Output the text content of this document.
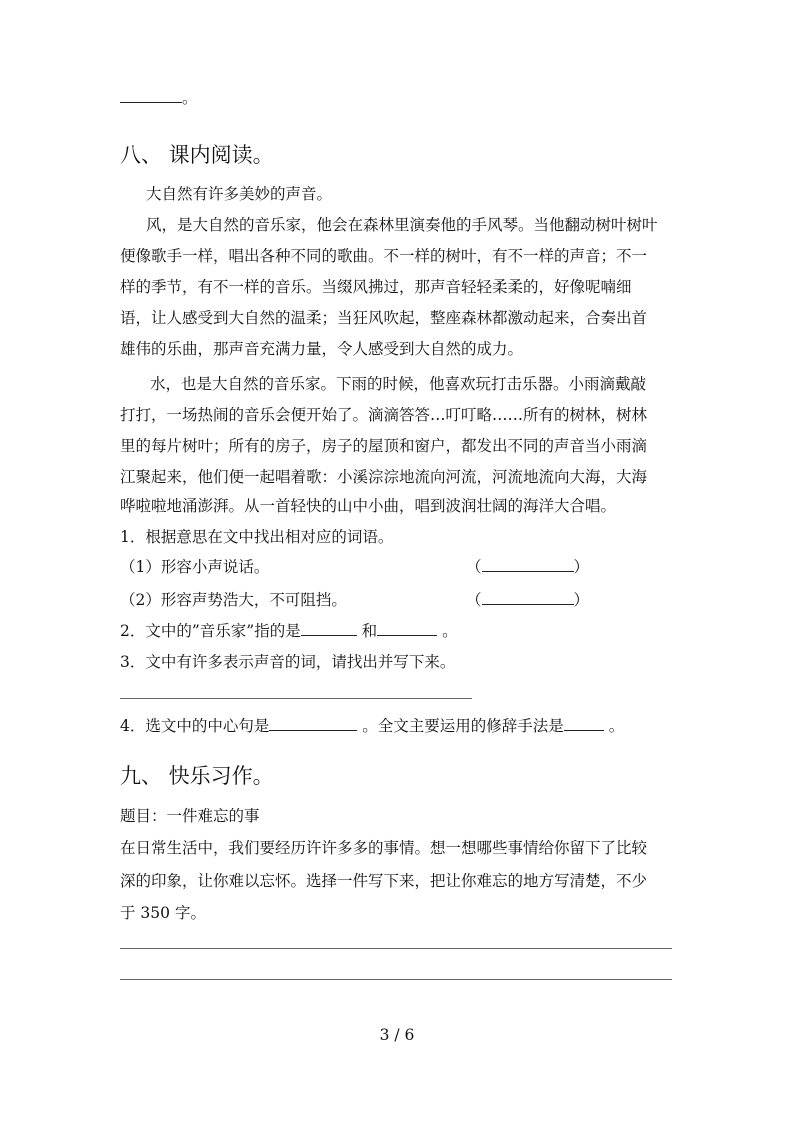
。
八、 课内阅读。
大自然有许多美妙的声音。
风，是大自然的音乐家，他会在森林里演奏他的手风琴。当他翻动树叶树叶
便像歌手一样，唱出各种不同的歌曲。不一样的树叶，有不一样的声音；不一
样的季节，有不一样的音乐。当缀风拂过，那声音轻轻柔柔的，好像呢喃细
语，让人感受到大自然的温柔；当狂风吹起，整座森林都激动起来，合奏出首
雄伟的乐曲，那声音充满力量，令人感受到大自然的成力。
水，也是大自然的音乐家。下雨的时候，他喜欢玩打击乐器。小雨滴戴敲
打打，一场热闹的音乐会便开始了。滴滴答答…叮叮略……所有的树林，树林
里的每片树叶；所有的房子，房子的屋顶和窗户，都发出不同的声音当小雨滴
江聚起来，他们便一起唱着歌：小溪淙淙地流向河流，河流地流向大海，大海
哗啦啦地涌澎湃。从一首轻快的山中小曲，唱到波润壮阔的海洋大合唱。
1．根据意思在文中找出相对应的词语。
（1）形容小声说话。	（	）
（2）形容声势浩大，不可阻挡。	（	）
2．文中的”音乐家”指的是	和	。
3．文中有许多表示声音的词，请找出并写下来。
4．选文中的中心句是	。全文主要运用的修辞手法是	。
九、 快乐习作。
题目：一件难忘的事
在日常生活中，我们要经历许许多多的事情。想一想哪些事情给你留下了比较
深的印象，让你难以忘怀。选择一件写下来，把让你难忘的地方写清楚，不少
于 350 字。
3 / 6
